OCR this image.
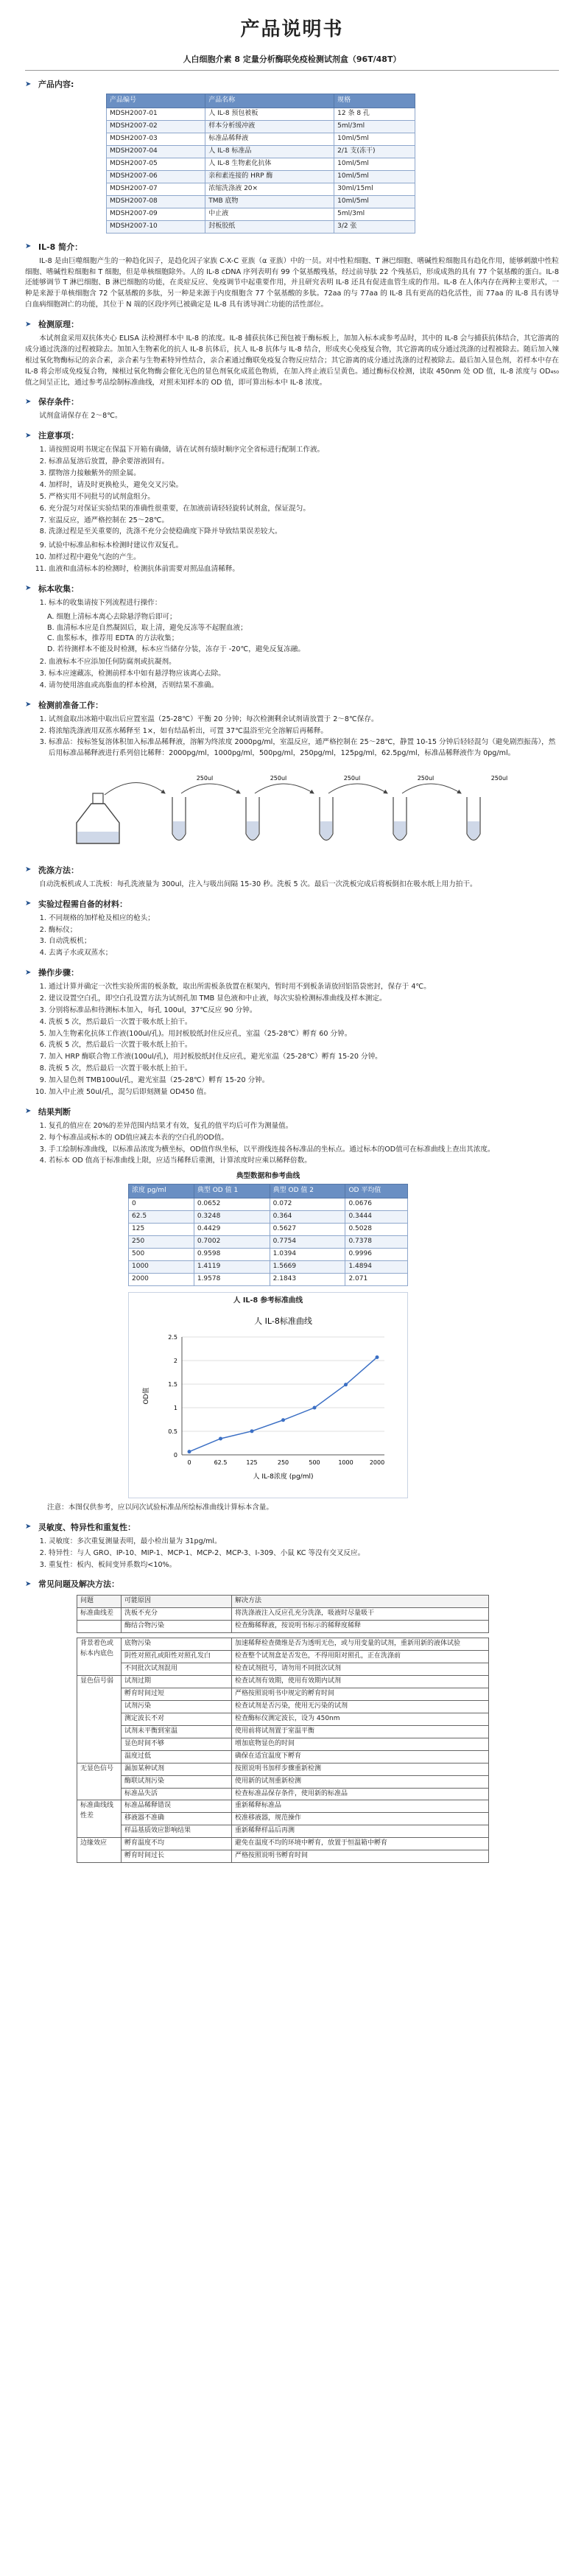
产品说明书
人白细胞介素 8 定量分析酶联免疫检测试剂盒（96T/48T）
➤ 产品内容:
产品编号	产品名称	规格
MDSH2007-01	人 IL-8 预包被板	12 条 8 孔
MDSH2007-02	样本分析缓冲液	5ml/3ml
MDSH2007-03	标准品稀释液	10ml/5ml
MDSH2007-04	人 IL-8 标准品	2/1 支(冻干)
MDSH2007-05	人 IL-8 生物素化抗体	10ml/5ml
MDSH2007-06	亲和素连接的 HRP 酶	10ml/5ml
MDSH2007-07	浓缩洗涤液 20×	30ml/15ml
MDSH2007-08	TMB 底物	10ml/5ml
MDSH2007-09	中止液	5ml/3ml
MDSH2007-10	封板胶纸	3/2 张
➤ IL-8 简介：
IL-8 是由巨噬细胞产生的一种趋化因子，是趋化因子家族 C-X-C 亚族（α 亚族）中的一员。对中性粒细胞、T 淋巴细胞、嗜碱性粒细胞具有趋化作用，能够刺激中性粒细胞、嗜碱性粒细胞和 T 细胞，但是单核细胞除外。人的 IL-8 cDNA 序列表明有 99 个氨基酸残基，经过前导肽 22 个残基后，形成成熟的具有 77 个氨基酸的蛋白。IL-8 还能够调节 T 淋巴细胞、B 淋巴细胞的功能，在炎症反应、免疫调节中起重要作用，并且研究表明 IL-8 还具有促进血管生成的作用。IL-8 在人体内存在两种主要形式，一种是来源于单核细胞含 72 个氨基酸的多肽，另一种是来源于内皮细胞含 77 个氨基酸的多肽。72aa 的与 77aa 的 IL-8 具有更高的趋化活性，而 77aa 的 IL-8 具有诱导白血病细胞凋亡的功能，其位于 N 端的区段序列已被确定是 IL-8 具有诱导凋亡功能的活性部位。
➤ 检测原理：
本试剂盒采用双抗体夹心 ELISA 法检测样本中 IL-8 的浓度。IL-8 捕获抗体已预包被于酶标板上，加加入标本或参考品时，其中的 IL-8 会与捕获抗体结合，其它游离的成分通过洗涤的过程被除去。加加入生物素化的抗人 IL-8 抗体后，抗人 IL-8 抗体与 IL-8 结合，形成夹心免疫复合物，其它游离的成分通过洗涤的过程被除去。随后加入辣根过氧化物酶标记的亲合素，亲合素与生物素特异性结合，亲合素通过酶联免疫复合物反应结合；其它游离的成分通过洗涤的过程被除去。最后加入显色剂，若样本中存在 IL-8 将会形成免疫复合物，辣根过氧化物酶会催化无色的显色剂氧化成蓝色物质，在加入终止液后呈黄色。通过酶标仪检测，读取 450nm 处 OD 值，IL-8 浓度与 OD₄₅₀ 值之间呈正比，通过参考品绘制标准曲线，对照未知样本的 OD 值，即可算出标本中 IL-8 浓度。
➤ 保存条件：
试剂盒请保存在 2～8℃。
➤ 注意事项：
1. 请按照说明书规定在保温下开箱有确储，请在试剂有绩时顺序完全省标进行配制工作液。
2. 标准品复溶后放置，静余要溶液固有。
3. 摆物溶力接触紫外的照金属。
4. 加样时，请及时更换枪头，避免交叉污染。
5. 严格实用不同批号的试剂盒组分。
6. 充分混匀对保证实验结果的准确性很重要，在加液前请轻轻旋转试剂盒，保证混匀。
7. 室温反应，通严格控制在 25～28℃。
8. 洗涤过程是至关重要的，洗涤不充分会使稳确度下降并导致结果误差较大。
9. 试验中标准品和标本检测时建议作双复孔。
10. 加样过程中避免气泡的产生。
11. 血液和血清标本的检测时，检测抗体前需要对照品血清稀释。
➤ 标本收集：
1. 标本的收集请按下列流程进行操作：
A. 细胞上清标本离心去除悬浮物后即可；
B. 血清标本应是自然凝固后，取上清，避免反冻等不起腥血液；
C. 血浆标本，推荐用 EDTA 的方法收集；
D. 若待测样本不能及时检测，标本应当储存分装，冻存于 -20℃，避免反复冻融。
2. 血液标本不应添加任何防腐剂或抗凝剂。
3. 标本应速藏冻，检测前样本中如有悬浮物应该离心去除。
4. 请勿使用溶血或高脂血的样本检测，否则结果不准确。
➤ 检测前准备工作：
1. 试剂盒取出冰箱中取出后应置室温（25-28℃）平衡 20 分钟；每次检测剩余试剂请放置于 2～8℃保存。
2. 将浓缩洗涤液用双蒸水稀释至 1×，如有结晶析出，可置 37℃温浴至完全溶解后再稀释。
3. 标准品：按标签复溶体积加入标准品稀释液，溶解为终浓度 2000pg/ml，室温反应，通严格控制在 25～28℃，静置 10-15 分钟后轻轻混匀（避免剧烈振荡），然后用标准品稀释液进行系列倍比稀释：2000pg/ml，1000pg/ml，500pg/ml，250pg/ml，125pg/ml，62.5pg/ml，标准品稀释液作为 0pg/ml。
250ul	250ul	250ul	250ul	250ul
➤ 洗涤方法：
自动洗板机或人工洗板：每孔洗液量为 300ul，注入与吸出间隔 15-30 秒。洗板 5 次。最后一次洗板完成后将板倒扣在吸水纸上用力拍干。
➤ 实验过程需自备的材料：
1. 不同规格的加样枪及相应的枪头；
2. 酶标仪；
3. 自动洗板机；
4. 去离子水或双蒸水；
➤ 操作步骤：
1. 通过计算并确定一次性实验所需的板条数，取出所需板条放置在框架内，暂时用不到板条请放回铝箔袋密封，保存于 4℃。
2. 建议设置空白孔，即空白孔设置方法为试剂孔加 TMB 显色液和中止液，每次实验检测标准曲线及样本测定。
3. 分别将标准品和待测标本加入，每孔 100ul，37℃反应 90 分钟。
4. 洗板 5 次，然后最后一次置于吸水纸上拍干。
5. 加入生物素化抗体工作液(100ul/孔)。用封板胶纸封住反应孔，室温（25-28℃）孵育 60 分钟。
6. 洗板 5 次，然后最后一次置于吸水纸上拍干。
7. 加入 HRP 酶联合物工作液(100ul/孔)，用封板胶纸封住反应孔，避光室温（25-28℃）孵育 15-20 分钟。
8. 洗板 5 次，然后最后一次置于吸水纸上拍干。
9. 加入显色剂 TMB100ul/孔，避光室温（25-28℃）孵育 15-20 分钟。
10. 加入中止液 50ul/孔，混匀后即刻测量 OD450 值。
➤ 结果判断
1. 复孔的值应在 20%的差异范围内结果才有效，复孔的值平均后可作为测量值。
2. 每个标准品或标本的 OD值应减去本表的空白孔的OD值。
3. 手工绘制标准曲线，以标准品浓度为横坐标，OD值作纵坐标，以平滑线连接各标准品的坐标点。通过标本的OD值可在标准曲线上查出其浓度。
4. 若标本 OD 值高于标准曲线上限，应适当稀释后重测，计算浓度时应乘以稀释倍数。
典型数据和参考曲线
浓度 pg/ml	典型 OD 值 1	典型 OD 值 2	OD 平均值
0	0.0652	0.072	0.0676
62.5	0.3248	0.364	0.3444
125	0.4429	0.5627	0.5028
250	0.7002	0.7754	0.7378
500	0.9598	1.0394	0.9996
1000	1.4119	1.5669	1.4894
2000	1.9578	2.1843	2.071
人 IL-8 参考标准曲线
人 IL-8标准曲线
0
0.5
1
1.5
2
2.5
0	62.5	125	250	500	1000	2000
人 IL-8浓度 (pg/ml)
OD值
注意：本图仅供参考，应以同次试验标准品所绘标准曲线计算标本含量。
➤ 灵敏度、特异性和重复性：
1. 灵敏度：多次重复测量表明，最小检出量为 31pg/ml。
2. 特异性：与人 GRO、IP-10、MIP-1、MCP-1、MCP-2、MCP-3、I-309、小鼠 KC 等没有交叉反应。
3. 重复性：板内、板间变异系数均<10%。
➤ 常见问题及解决方法：
问题	可能原因	解决方法
标准曲线差	洗板不充分	将洗涤液注入反应孔充分洗涤，吸液时尽量吸干
	酶结合物污染	检查酶稀释液，按说明书标示的稀释度稀释
背景着色或标本内底色	底物污染	加速稀释检查微维是否为透明无色，或与用变量的试剂，重新用新的液体试验
	阴性对照孔或阳性对照孔发白	检查整个试剂盒是否发色，不得用阳对照孔，正在洗涤前
	不同批次试剂混用	检查试剂批号，请勿用不同批次试剂
显色信号弱	试剂过期	检查试剂有效期，使用有效期内试剂
	孵育时间过短	严格按照说明书中规定的孵育时间
	试剂污染	检查试剂是否污染，使用无污染的试剂
	测定波长不对	检查酶标仪测定波长，设为 450nm
	试剂未平衡到室温	使用前将试剂置于室温平衡
	显色时间不够	增加底物显色的时间
	温度过低	确保在适宜温度下孵育
无显色信号	漏加某种试剂	按照说明书加样步骤重新检测
	酶联试剂污染	使用新的试剂重新检测
	标准品失活	检查标准品保存条件，使用新的标准品
标准曲线线性差	标准品稀释错误	重新稀释标准品
	移液器不准确	校准移液器，规范操作
	样品基质效应影响结果	重新稀释样品后再测
边缘效应	孵育温度不均	避免在温度不均的环境中孵育，放置于恒温箱中孵育
	孵育时间过长	严格按照说明书孵育时间
